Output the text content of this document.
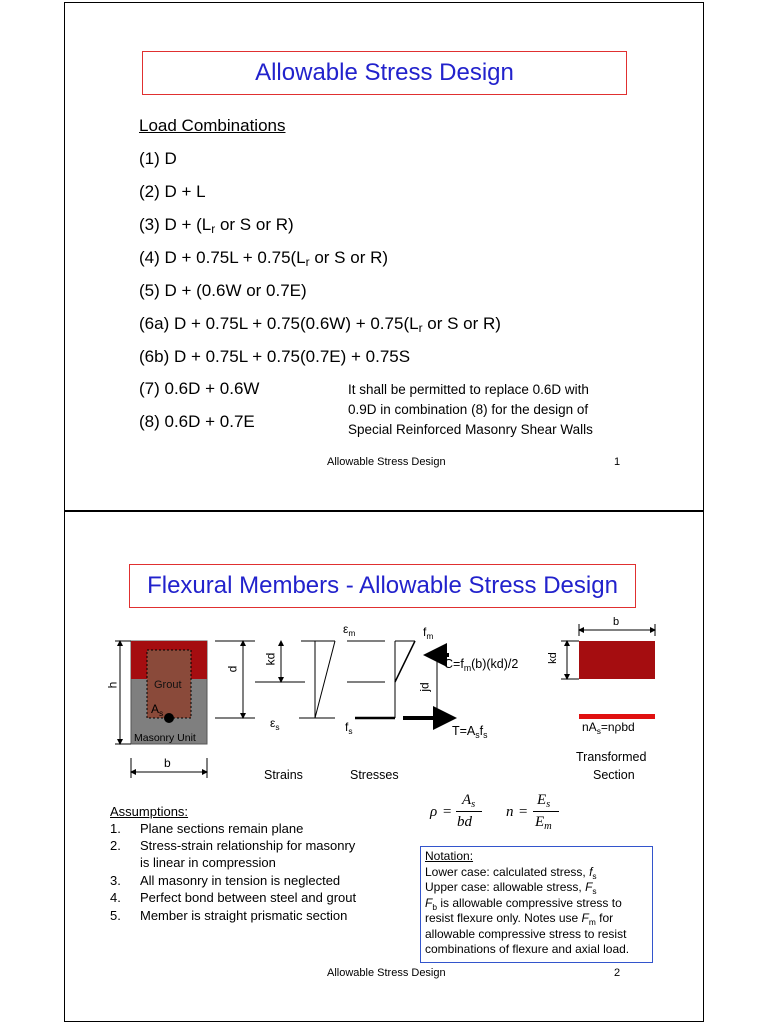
Allowable Stress Design
Load Combinations
(1) D
(2) D + L
(3) $D + (L_r$ or S or R)
(4) $D + 0.75L + 0.75(L_r$ or S or R)
(5) D + (0.6W or 0.7E)
(6a) $D + 0.75L + 0.75(0.6W) + 0.75(L_r$ or S or R)
(6b) D + 0.75L + 0.75(0.7E) + 0.75S
(7) 0.6D + 0.6W
(8) 0.6D + 0.7E
It shall be permitted to replace 0.6D with
0.9D in combination (8) for the design of
Special Reinforced Masonry Shear Walls
Allowable Stress Design	1
Flexural Members - Allowable Stress Design
Grout
$A_s$
Masonry Unit
h
b
d
kd
jd
$\varepsilon_m$
$\varepsilon_s$
$f_m$
$f_s$
$C=f_m(b)(kd)/2$
$T=A_sf_s$
Strains	Stresses
b
kd
$nA_s=n\rho bd$
Transformed
Section
ρ =
$A_s$
bd
n =
$E_s$
$E_m$
Assumptions:
1. Plane sections remain plane
2. Stress-strain relationship for masonry
is linear in compression
3. All masonry in tension is neglected
4. Perfect bond between steel and grout
5. Member is straight prismatic section
Notation:
Lower case: calculated stress, $f_s$
Upper case: allowable stress, $F_s$
$F_b$ is allowable compressive stress to
resist flexure only. Notes use $F_m$ for
allowable compressive stress to resist
combinations of flexure and axial load.
Allowable Stress Design	2
